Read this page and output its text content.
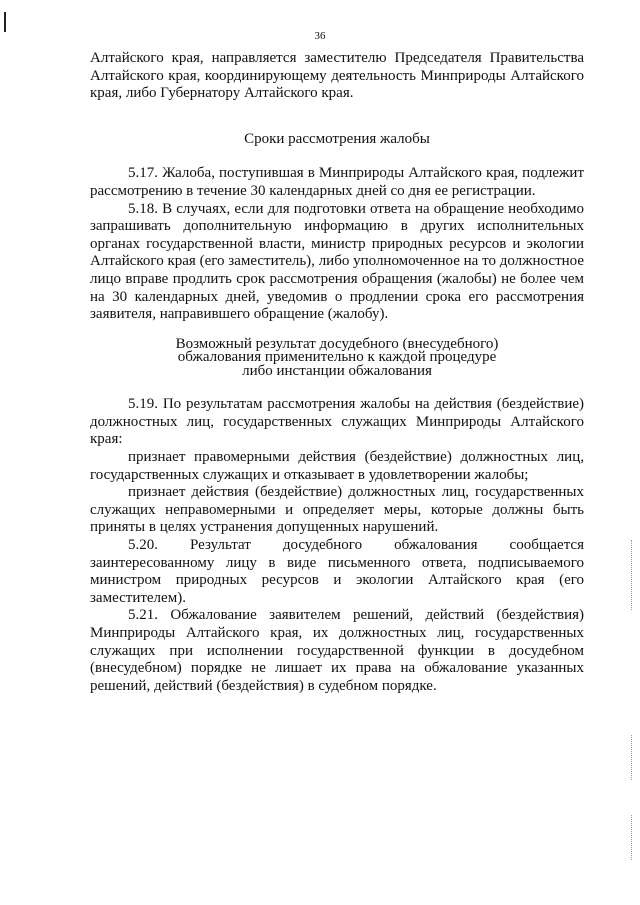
36

Алтайского края, направляется заместителю Председателя Правительства Алтайского края, координирующему деятельность Минприроды Алтайского края, либо Губернатору Алтайского края.

Сроки рассмотрения жалобы

5.17. Жалоба, поступившая в Минприроды Алтайского края, подлежит рассмотрению в течение 30 календарных дней со дня ее регистрации.

5.18. В случаях, если для подготовки ответа на обращение необходимо запрашивать дополнительную информацию в других исполнительных органах государственной власти, министр природных ресурсов и экологии Алтайского края (его заместитель), либо уполномоченное на то должностное лицо вправе продлить срок рассмотрения обращения (жалобы) не более чем на 30 календарных дней, уведомив о продлении срока его рассмотрения заявителя, направившего обращение (жалобу).

Возможный результат досудебного (внесудебного)
обжалования применительно к каждой процедуре
либо инстанции обжалования

5.19. По результатам рассмотрения жалобы на действия (бездействие) должностных лиц, государственных служащих Минприроды Алтайского края:

признает правомерными действия (бездействие) должностных лиц, государственных служащих и отказывает в удовлетворении жалобы;

признает действия (бездействие) должностных лиц, государственных служащих неправомерными и определяет меры, которые должны быть приняты в целях устранения допущенных нарушений.

5.20. Результат досудебного обжалования сообщается заинтересованному лицу в виде письменного ответа, подписываемого министром природных ресурсов и экологии Алтайского края (его заместителем).

5.21. Обжалование заявителем решений, действий (бездействия) Минприроды Алтайского края, их должностных лиц, государственных служащих при исполнении государственной функции в досудебном (внесудебном) порядке не лишает их права на обжалование указанных решений, действий (бездействия) в судебном порядке.
